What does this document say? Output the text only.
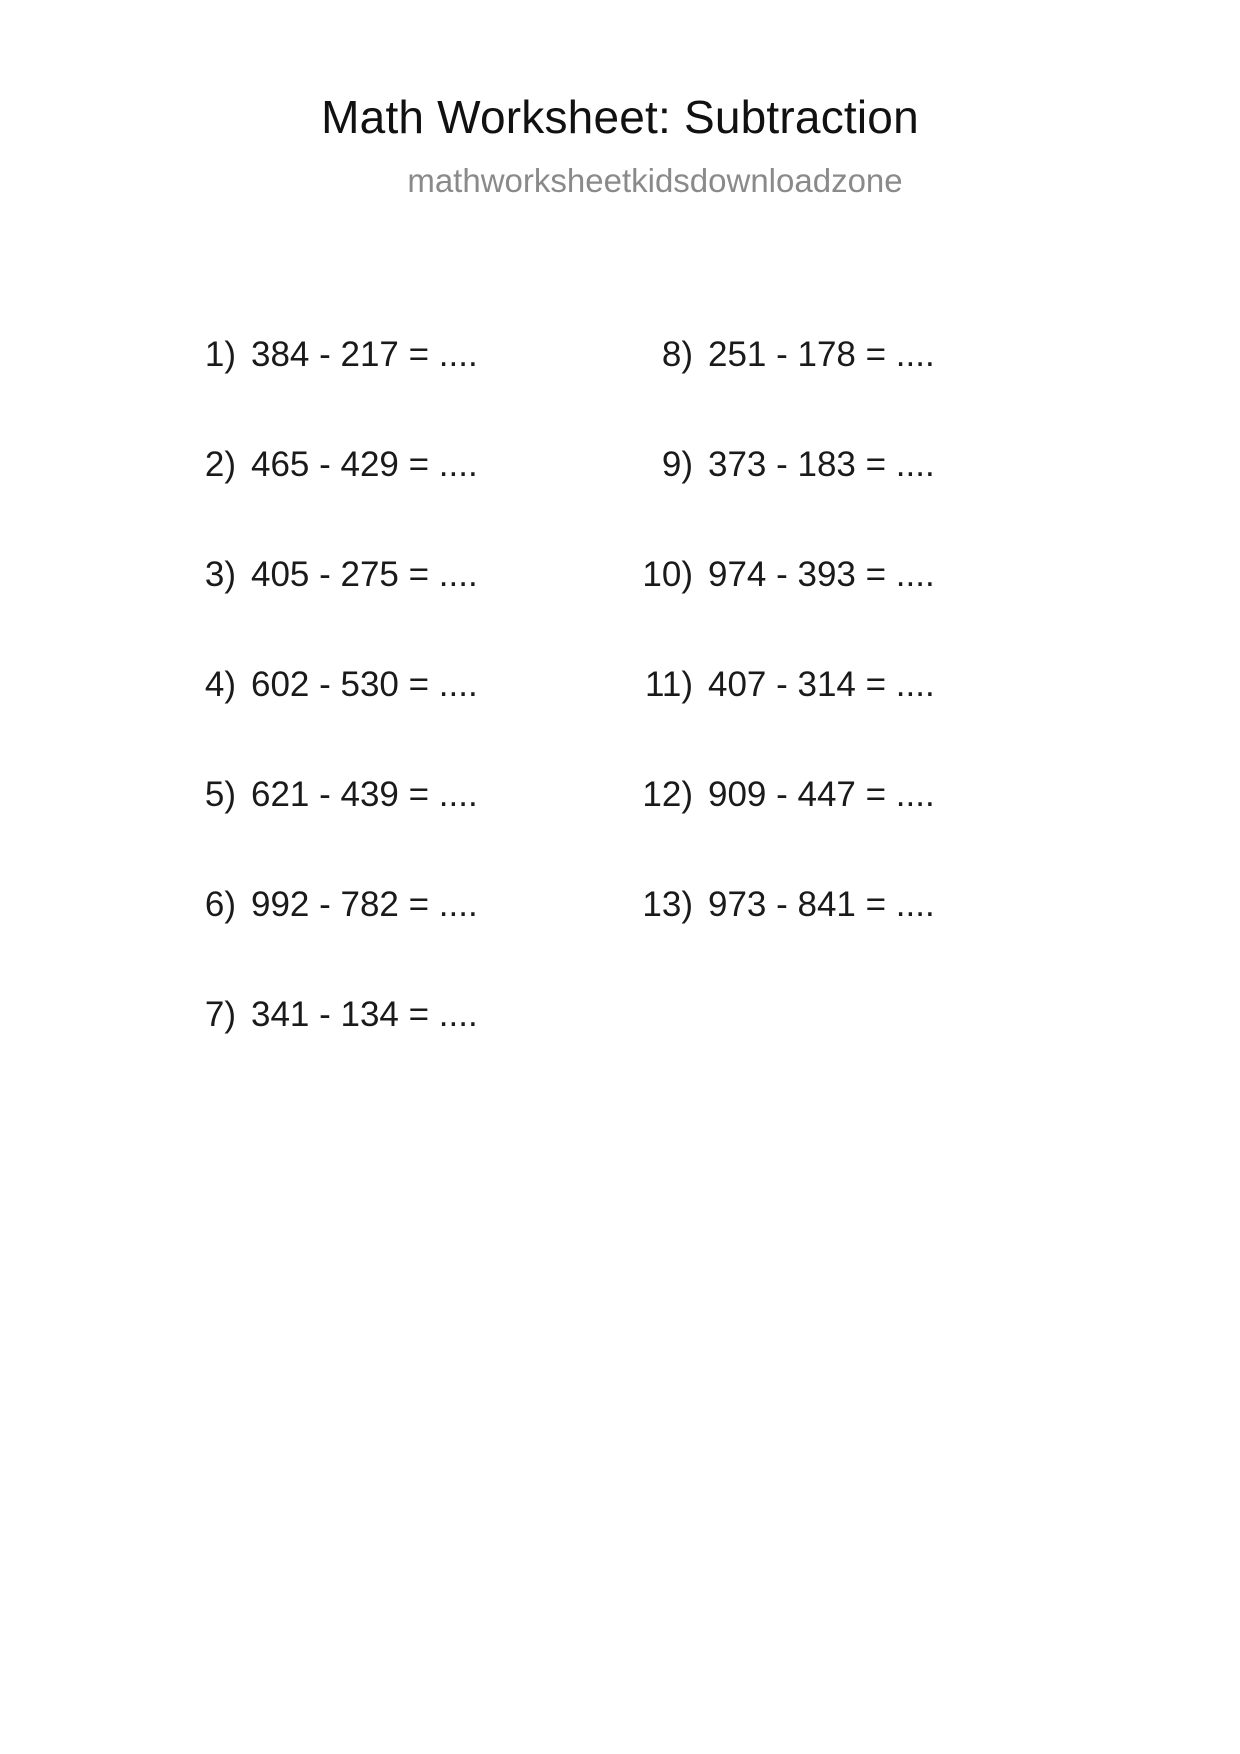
Math Worksheet: Subtraction
mathworksheetkidsdownloadzone
1) 384 - 217 = ....
2) 465 - 429 = ....
3) 405 - 275 = ....
4) 602 - 530 = ....
5) 621 - 439 = ....
6) 992 - 782 = ....
7) 341 - 134 = ....
8) 251 - 178 = ....
9) 373 - 183 = ....
10) 974 - 393 = ....
11) 407 - 314 = ....
12) 909 - 447 = ....
13) 973 - 841 = ....
